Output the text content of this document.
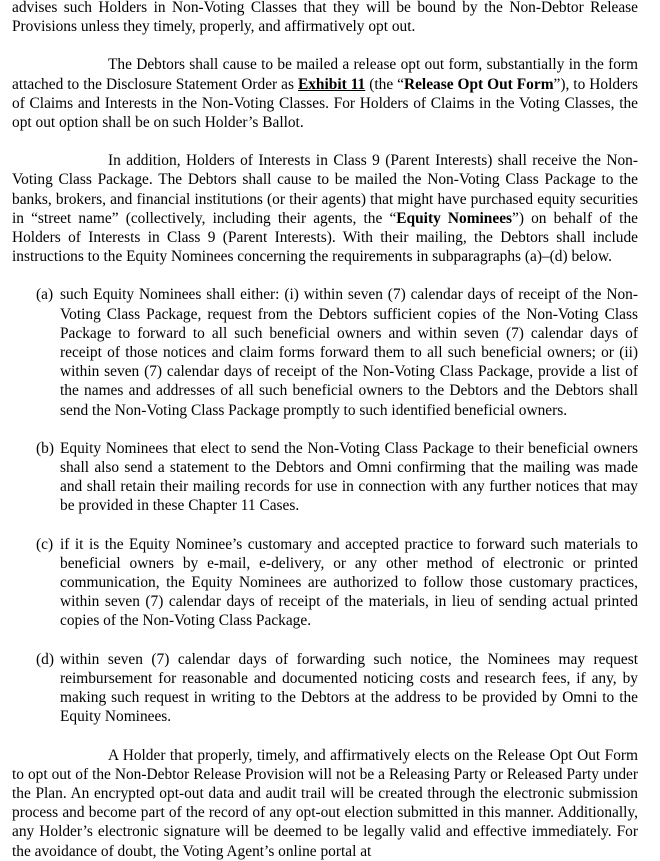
advises such Holders in Non-Voting Classes that they will be bound by the Non-Debtor Release Provisions unless they timely, properly, and affirmatively opt out.

The Debtors shall cause to be mailed a release opt out form, substantially in the form attached to the Disclosure Statement Order as Exhibit 11 (the “Release Opt Out Form”), to Holders of Claims and Interests in the Non-Voting Classes. For Holders of Claims in the Voting Classes, the opt out option shall be on such Holder’s Ballot.

In addition, Holders of Interests in Class 9 (Parent Interests) shall receive the Non-Voting Class Package. The Debtors shall cause to be mailed the Non-Voting Class Package to the banks, brokers, and financial institutions (or their agents) that might have purchased equity securities in “street name” (collectively, including their agents, the “Equity Nominees”) on behalf of the Holders of Interests in Class 9 (Parent Interests). With their mailing, the Debtors shall include instructions to the Equity Nominees concerning the requirements in subparagraphs (a)–(d) below.

(a) such Equity Nominees shall either: (i) within seven (7) calendar days of receipt of the Non-Voting Class Package, request from the Debtors sufficient copies of the Non-Voting Class Package to forward to all such beneficial owners and within seven (7) calendar days of receipt of those notices and claim forms forward them to all such beneficial owners; or (ii) within seven (7) calendar days of receipt of the Non-Voting Class Package, provide a list of the names and addresses of all such beneficial owners to the Debtors and the Debtors shall send the Non-Voting Class Package promptly to such identified beneficial owners.
(b) Equity Nominees that elect to send the Non-Voting Class Package to their beneficial owners shall also send a statement to the Debtors and Omni confirming that the mailing was made and shall retain their mailing records for use in connection with any further notices that may be provided in these Chapter 11 Cases.
(c) if it is the Equity Nominee’s customary and accepted practice to forward such materials to beneficial owners by e-mail, e-delivery, or any other method of electronic or printed communication, the Equity Nominees are authorized to follow those customary practices, within seven (7) calendar days of receipt of the materials, in lieu of sending actual printed copies of the Non-Voting Class Package.
(d) within seven (7) calendar days of forwarding such notice, the Nominees may request reimbursement for reasonable and documented noticing costs and research fees, if any, by making such request in writing to the Debtors at the address to be provided by Omni to the Equity Nominees.

A Holder that properly, timely, and affirmatively elects on the Release Opt Out Form to opt out of the Non-Debtor Release Provision will not be a Releasing Party or Released Party under the Plan. An encrypted opt-out data and audit trail will be created through the electronic submission process and become part of the record of any opt-out election submitted in this manner. Additionally, any Holder’s electronic signature will be deemed to be legally valid and effective immediately. For the avoidance of doubt, the Voting Agent’s online portal at
